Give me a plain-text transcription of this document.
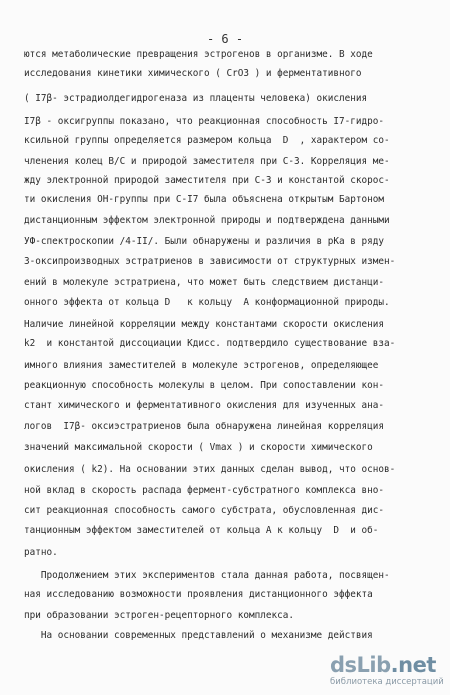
- 6 -
ются метаболические превращения эстрогенов в организме. В ходе
исследования кинетики химического ( CrO3 ) и ферментативного
( I7β- эстрадиолдегидрогеназа из плаценты человека) окисления
I7β - оксигруппы показано, что реакционная способность I7-гидро-
ксильной группы определяется размером кольца  D  , характером со-
членения колец В/С и природой заместителя при С-3. Корреляция ме-
жду электронной природой заместителя при С-3 и константой скорос-
ти окисления ОН-группы при С-I7 была объяснена открытым Бартоном
дистанционным эффектом электронной природы и подтверждена данными
УФ-спектроскопии /4-II/. Были обнаружены и различия в pKa в ряду
3-оксипроизводных эстратриенов в зависимости от структурных измен-
ений в молекуле эстратриена, что может быть следствием дистанци-
онного эффекта от кольца D   к кольцу  А конформационной природы.
Наличие линейной корреляции между константами скорости окисления
k2  и константой диссоциации Kдисс. подтвердило существование вза-
имного влияния заместителей в молекуле эстрогенов, определяющее
реакционную способность молекулы в целом. При сопоставлении кон-
стант химического и ферментативного окисления для изученных ана-
логов  I7β- оксиэстратриенов была обнаружена линейная корреляция
значений максимальной скорости ( Vmax ) и скорости химического
окисления ( k2). На основании этих данных сделан вывод, что основ-
ной вклад в скорость распада фермент-субстратного комплекса вно-
сит реакционная способность самого субстрата, обусловленная дис-
танционным эффектом заместителей от кольца А к кольцу  D  и об-
ратно.
Продолжением этих экспериментов стала данная работа, посвящен-
ная исследованию возможности проявления дистанционного эффекта
при образовании эстроген-рецепторного комплекса.
На основании современных представлений о механизме действия
dsLib.net
библиотека диссертаций
